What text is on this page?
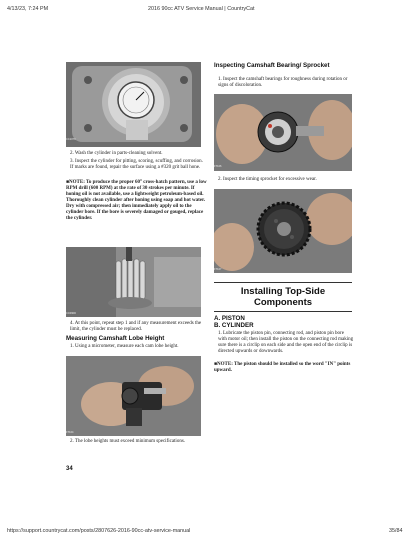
4/13/23, 7:24 PM	2016 90cc ATV Service Manual | CountryCat
CC1079
2. Wash the cylinder in parts-cleaning solvent.
3. Inspect the cylinder for pitting, scoring, scuffing, and corrosion. If marks are found, repair the surface using a #320 grit ball hone.
■NOTE: To produce the proper 60° cross-hatch pattern, use a low RPM drill (600 RPM) at the rate of 30 strokes per minute. If honing oil is not available, use a lightweight petroleum-based oil. Thoroughly clean cylinder after honing using soap and hot water. Dry with compressed air; then immediately apply oil to the cylinder bore. If the bore is severely damaged or gouged, replace the cylinder.
CC090D
4. At this point, repeat step 1 and if any measurement exceeds the limit, the cylinder must be replaced.
Measuring Camshaft Lobe Height
1. Using a micrometer, measure each cam lobe height.
FT104
2. The lobe heights must exceed minimum specifications.
34
Inspecting Camshaft Bearing/ Sprocket
1. Inspect the camshaft bearings for roughness during rotation or signs of discoloration.
FT106
2. Inspect the timing sprocket for excessive wear.
FT107
Installing Top-Side Components
A. PISTON
B. CYLINDER
1. Lubricate the piston pin, connecting rod, and piston pin bore with motor oil; then install the piston on the connecting rod making sure there is a circlip on each side and the open end of the circlip is directed upwards or downwards.
■NOTE: The piston should be installed so the word "IN" points upward.
https://support.countrycat.com/posts/2807626-2016-90cc-atv-service-manual	35/84
